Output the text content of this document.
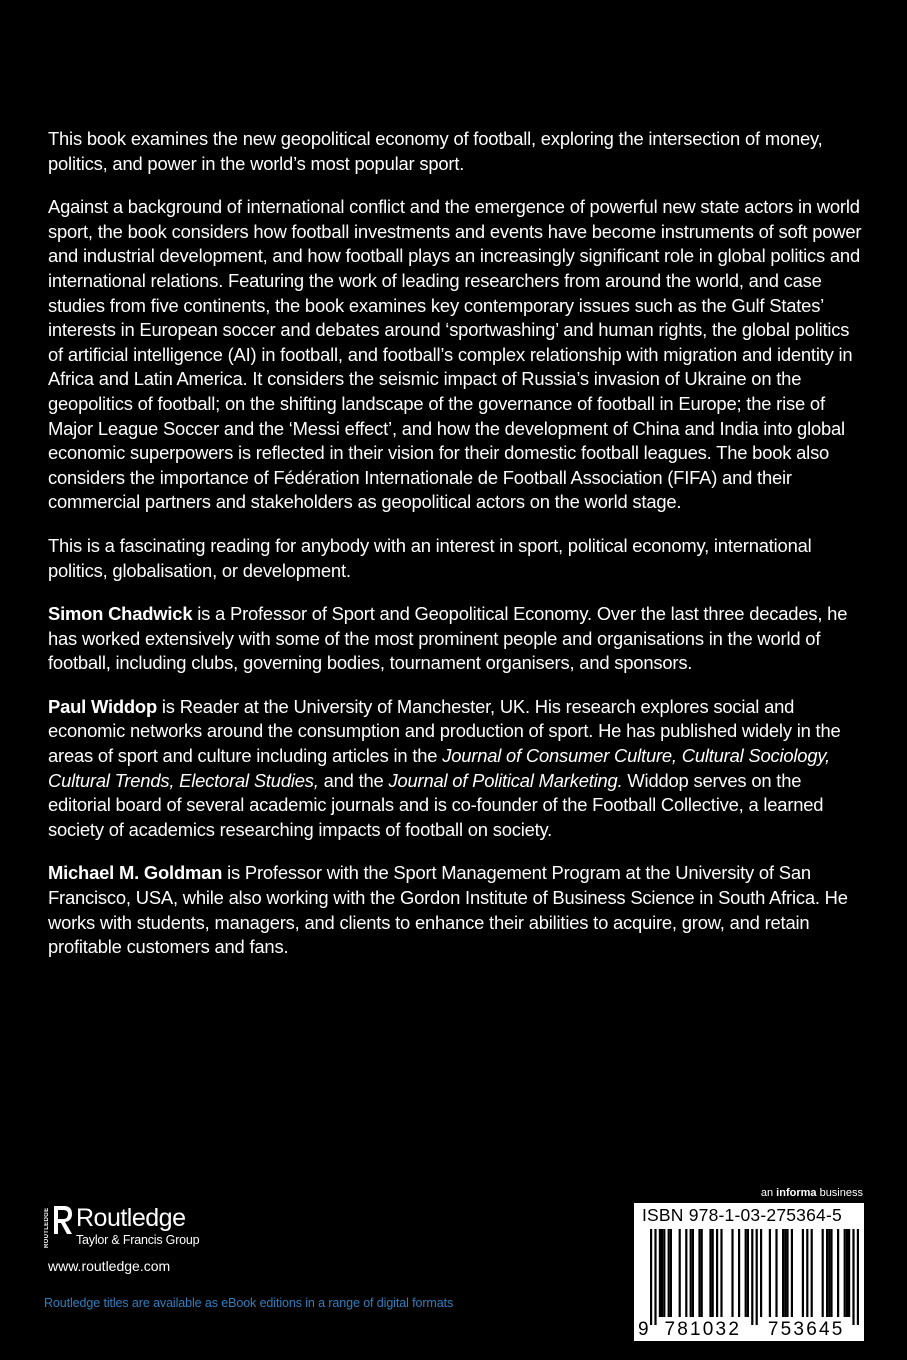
This book examines the new geopolitical economy of football, exploring the intersection of money, politics, and power in the world’s most popular sport.

Against a background of international conflict and the emergence of powerful new state actors in world sport, the book considers how football investments and events have become instruments of soft power and industrial development, and how football plays an increasingly significant role in global politics and international relations. Featuring the work of leading researchers from around the world, and case studies from five continents, the book examines key contemporary issues such as the Gulf States’ interests in European soccer and debates around ‘sportwashing’ and human rights, the global politics of artificial intelligence (AI) in football, and football’s complex relationship with migration and identity in Africa and Latin America. It considers the seismic impact of Russia’s invasion of Ukraine on the geopolitics of football; on the shifting landscape of the governance of football in Europe; the rise of Major League Soccer and the ‘Messi effect’, and how the development of China and India into global economic superpowers is reflected in their vision for their domestic football leagues. The book also considers the importance of Fédération Internationale de Football Association (FIFA) and their commercial partners and stakeholders as geopolitical actors on the world stage.

This is a fascinating reading for anybody with an interest in sport, political economy, international politics, globalisation, or development.

Simon Chadwick is a Professor of Sport and Geopolitical Economy. Over the last three decades, he has worked extensively with some of the most prominent people and organisations in the world of football, including clubs, governing bodies, tournament organisers, and sponsors.

Paul Widdop is Reader at the University of Manchester, UK. His research explores social and economic networks around the consumption and production of sport. He has published widely in the areas of sport and culture including articles in the Journal of Consumer Culture, Cultural Sociology, Cultural Trends, Electoral Studies, and the Journal of Political Marketing. Widdop serves on the editorial board of several academic journals and is co-founder of the Football Collective, a learned society of academics researching impacts of football on society.

Michael M. Goldman is Professor with the Sport Management Program at the University of San Francisco, USA, while also working with the Gordon Institute of Business Science in South Africa. He works with students, managers, and clients to enhance their abilities to acquire, grow, and retain profitable customers and fans.

ROUTLEDGE Routledge
Taylor & Francis Group
www.routledge.com
Routledge titles are available as eBook editions in a range of digital formats
an informa business
ISBN 978-1-03-275364-5
9 781032 753645
